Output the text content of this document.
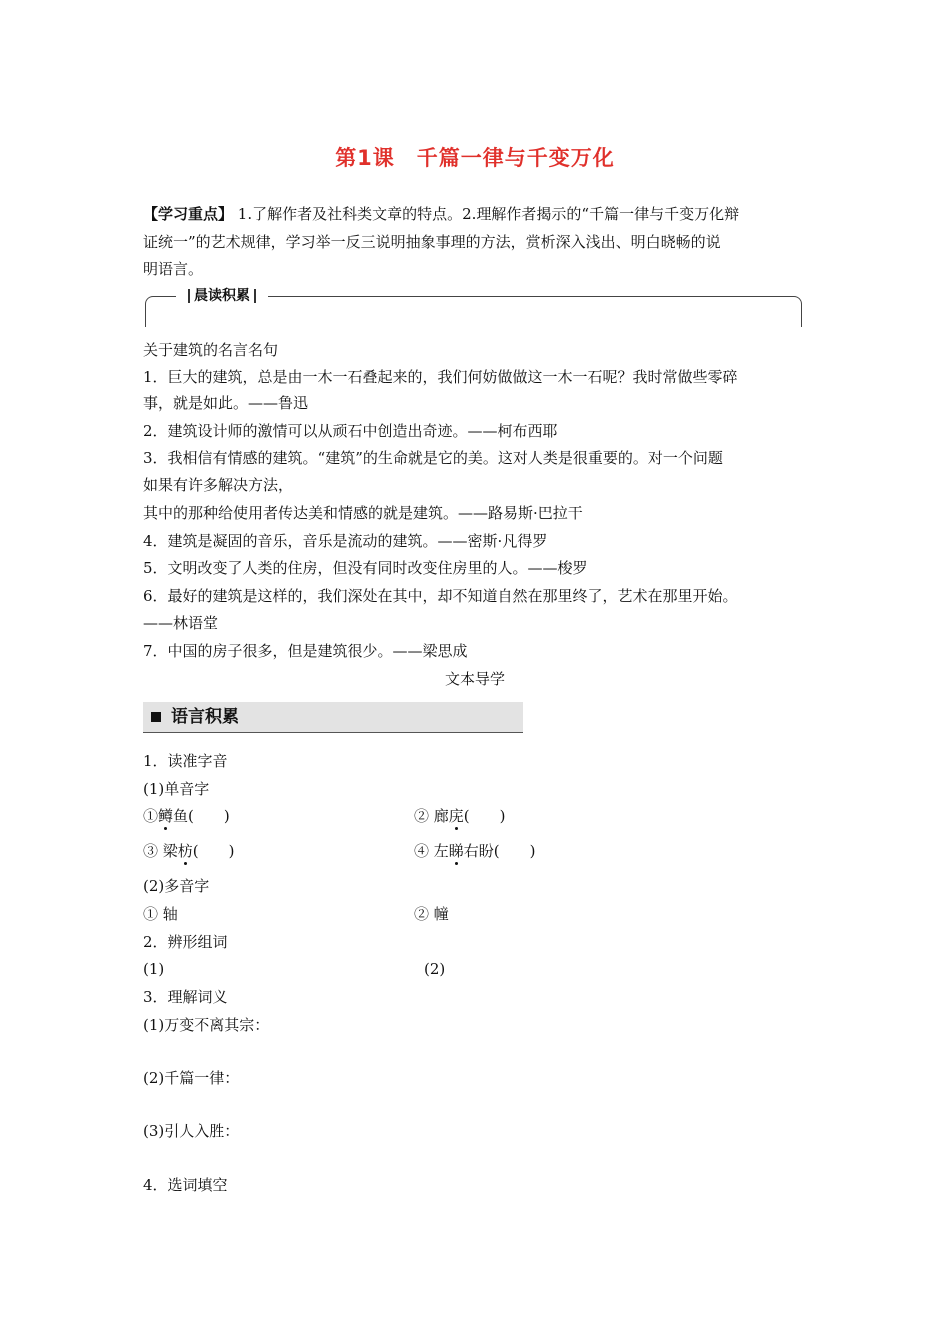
第1课　千篇一律与千变万化
【学习重点】 1.了解作者及社科类文章的特点。2.理解作者揭示的“千篇一律与千变万化辩
证统一”的艺术规律，学习举一反三说明抽象事理的方法，赏析深入浅出、明白晓畅的说
明语言。
晨读积累
关于建筑的名言名句
1．巨大的建筑，总是由一木一石叠起来的，我们何妨做做这一木一石呢？我时常做些零碎
事，就是如此。——鲁迅
2．建筑设计师的激情可以从顽石中创造出奇迹。——柯布西耶
3．我相信有情感的建筑。“建筑”的生命就是它的美。这对人类是很重要的。对一个问题
如果有许多解决方法，
其中的那种给使用者传达美和情感的就是建筑。——路易斯·巴拉干
4．建筑是凝固的音乐，音乐是流动的建筑。——密斯·凡得罗
5．文明改变了人类的住房，但没有同时改变住房里的人。——梭罗
6．最好的建筑是这样的，我们深处在其中，却不知道自然在那里终了，艺术在那里开始。
——林语堂
7．中国的房子很多，但是建筑很少。——梁思成
文本导学
语言积累
1．读准字音
(1)单音字
①鳟鱼(　　)	② 廊庑(　　)
③ 梁枋(　　)	④ 左睇右盼(　　)
(2)多音字
① 轴	② 幢
2．辨形组词
(1)	(2)
3．理解词义
(1)万变不离其宗：
(2)千篇一律：
(3)引人入胜：
4．选词填空
